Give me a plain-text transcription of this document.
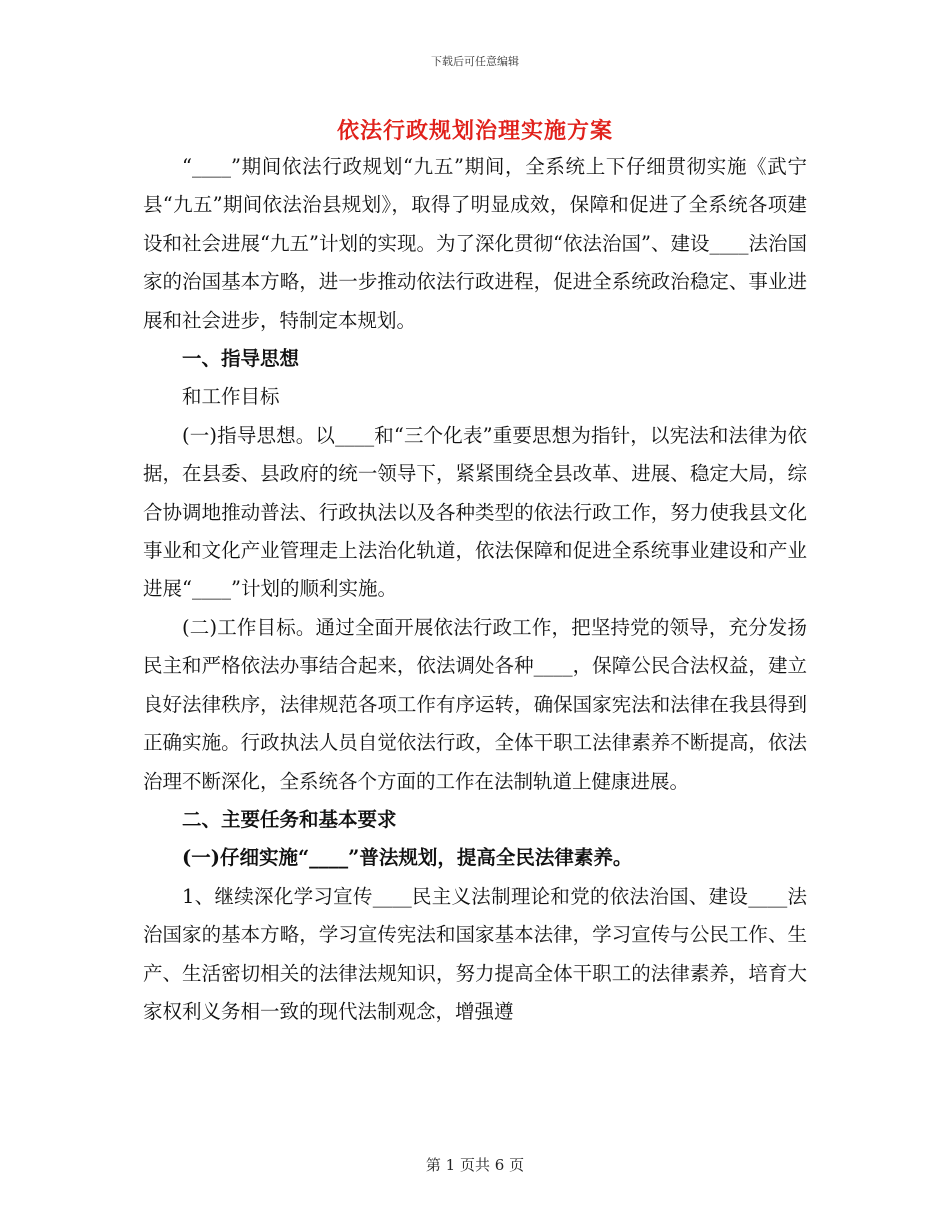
下载后可任意编辑
依法行政规划治理实施方案

“____”期间依法行政规划“九五”期间，全系统上下仔细贯彻实施《武宁县“九五”期间依法治县规划》，取得了明显成效，保障和促进了全系统各项建设和社会进展“九五”计划的实现。为了深化贯彻“依法治国”、建设____法治国家的治国基本方略，进一步推动依法行政进程，促进全系统政治稳定、事业进展和社会进步，特制定本规划。

一、指导思想

和工作目标

(一)指导思想。以____和“三个化表”重要思想为指针，以宪法和法律为依据，在县委、县政府的统一领导下，紧紧围绕全县改革、进展、稳定大局，综合协调地推动普法、行政执法以及各种类型的依法行政工作，努力使我县文化事业和文化产业管理走上法治化轨道，依法保障和促进全系统事业建设和产业进展“____”计划的顺利实施。

(二)工作目标。通过全面开展依法行政工作，把坚持党的领导，充分发扬民主和严格依法办事结合起来，依法调处各种____，保障公民合法权益，建立良好法律秩序，法律规范各项工作有序运转，确保国家宪法和法律在我县得到正确实施。行政执法人员自觉依法行政，全体干职工法律素养不断提高，依法治理不断深化，全系统各个方面的工作在法制轨道上健康进展。

二、主要任务和基本要求

(一)仔细实施“____”普法规划，提高全民法律素养。

1、继续深化学习宣传____民主义法制理论和党的依法治国、建设____法治国家的基本方略，学习宣传宪法和国家基本法律，学习宣传与公民工作、生产、生活密切相关的法律法规知识，努力提高全体干职工的法律素养，培育大家权利义务相一致的现代法制观念，增强遵

第 1 页共 6 页
